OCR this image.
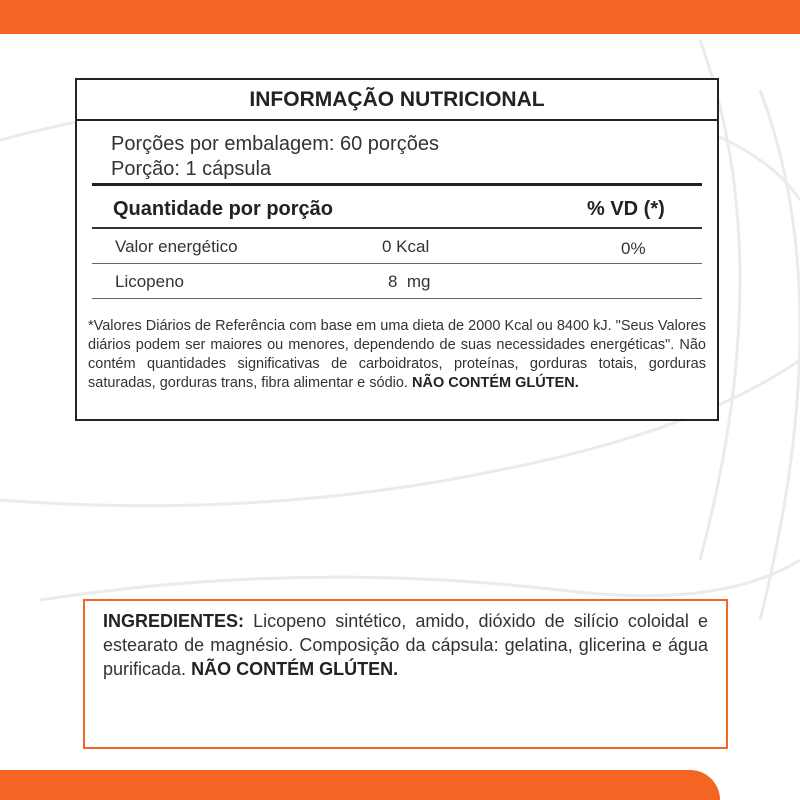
INFORMAÇÃO NUTRICIONAL
Porções por embalagem: 60 porções
Porção: 1 cápsula
Quantidade por porção	% VD (*)
Valor energético	0 Kcal	0%
Licopeno	8  mg
*Valores Diários de Referência com base em uma dieta de 2000 Kcal ou 8400 kJ. "Seus Valores diários podem ser maiores ou menores, dependendo de suas necessidades energéticas". Não contém quantidades significativas de carboidratos, proteínas, gorduras totais, gorduras saturadas, gorduras trans, fibra alimentar e sódio. NÃO CONTÉM GLÚTEN.
INGREDIENTES: Licopeno sintético, amido, dióxido de silício coloidal e estearato de magnésio. Composição da cápsula: gelatina, glicerina e água purificada. NÃO CONTÉM GLÚTEN.
